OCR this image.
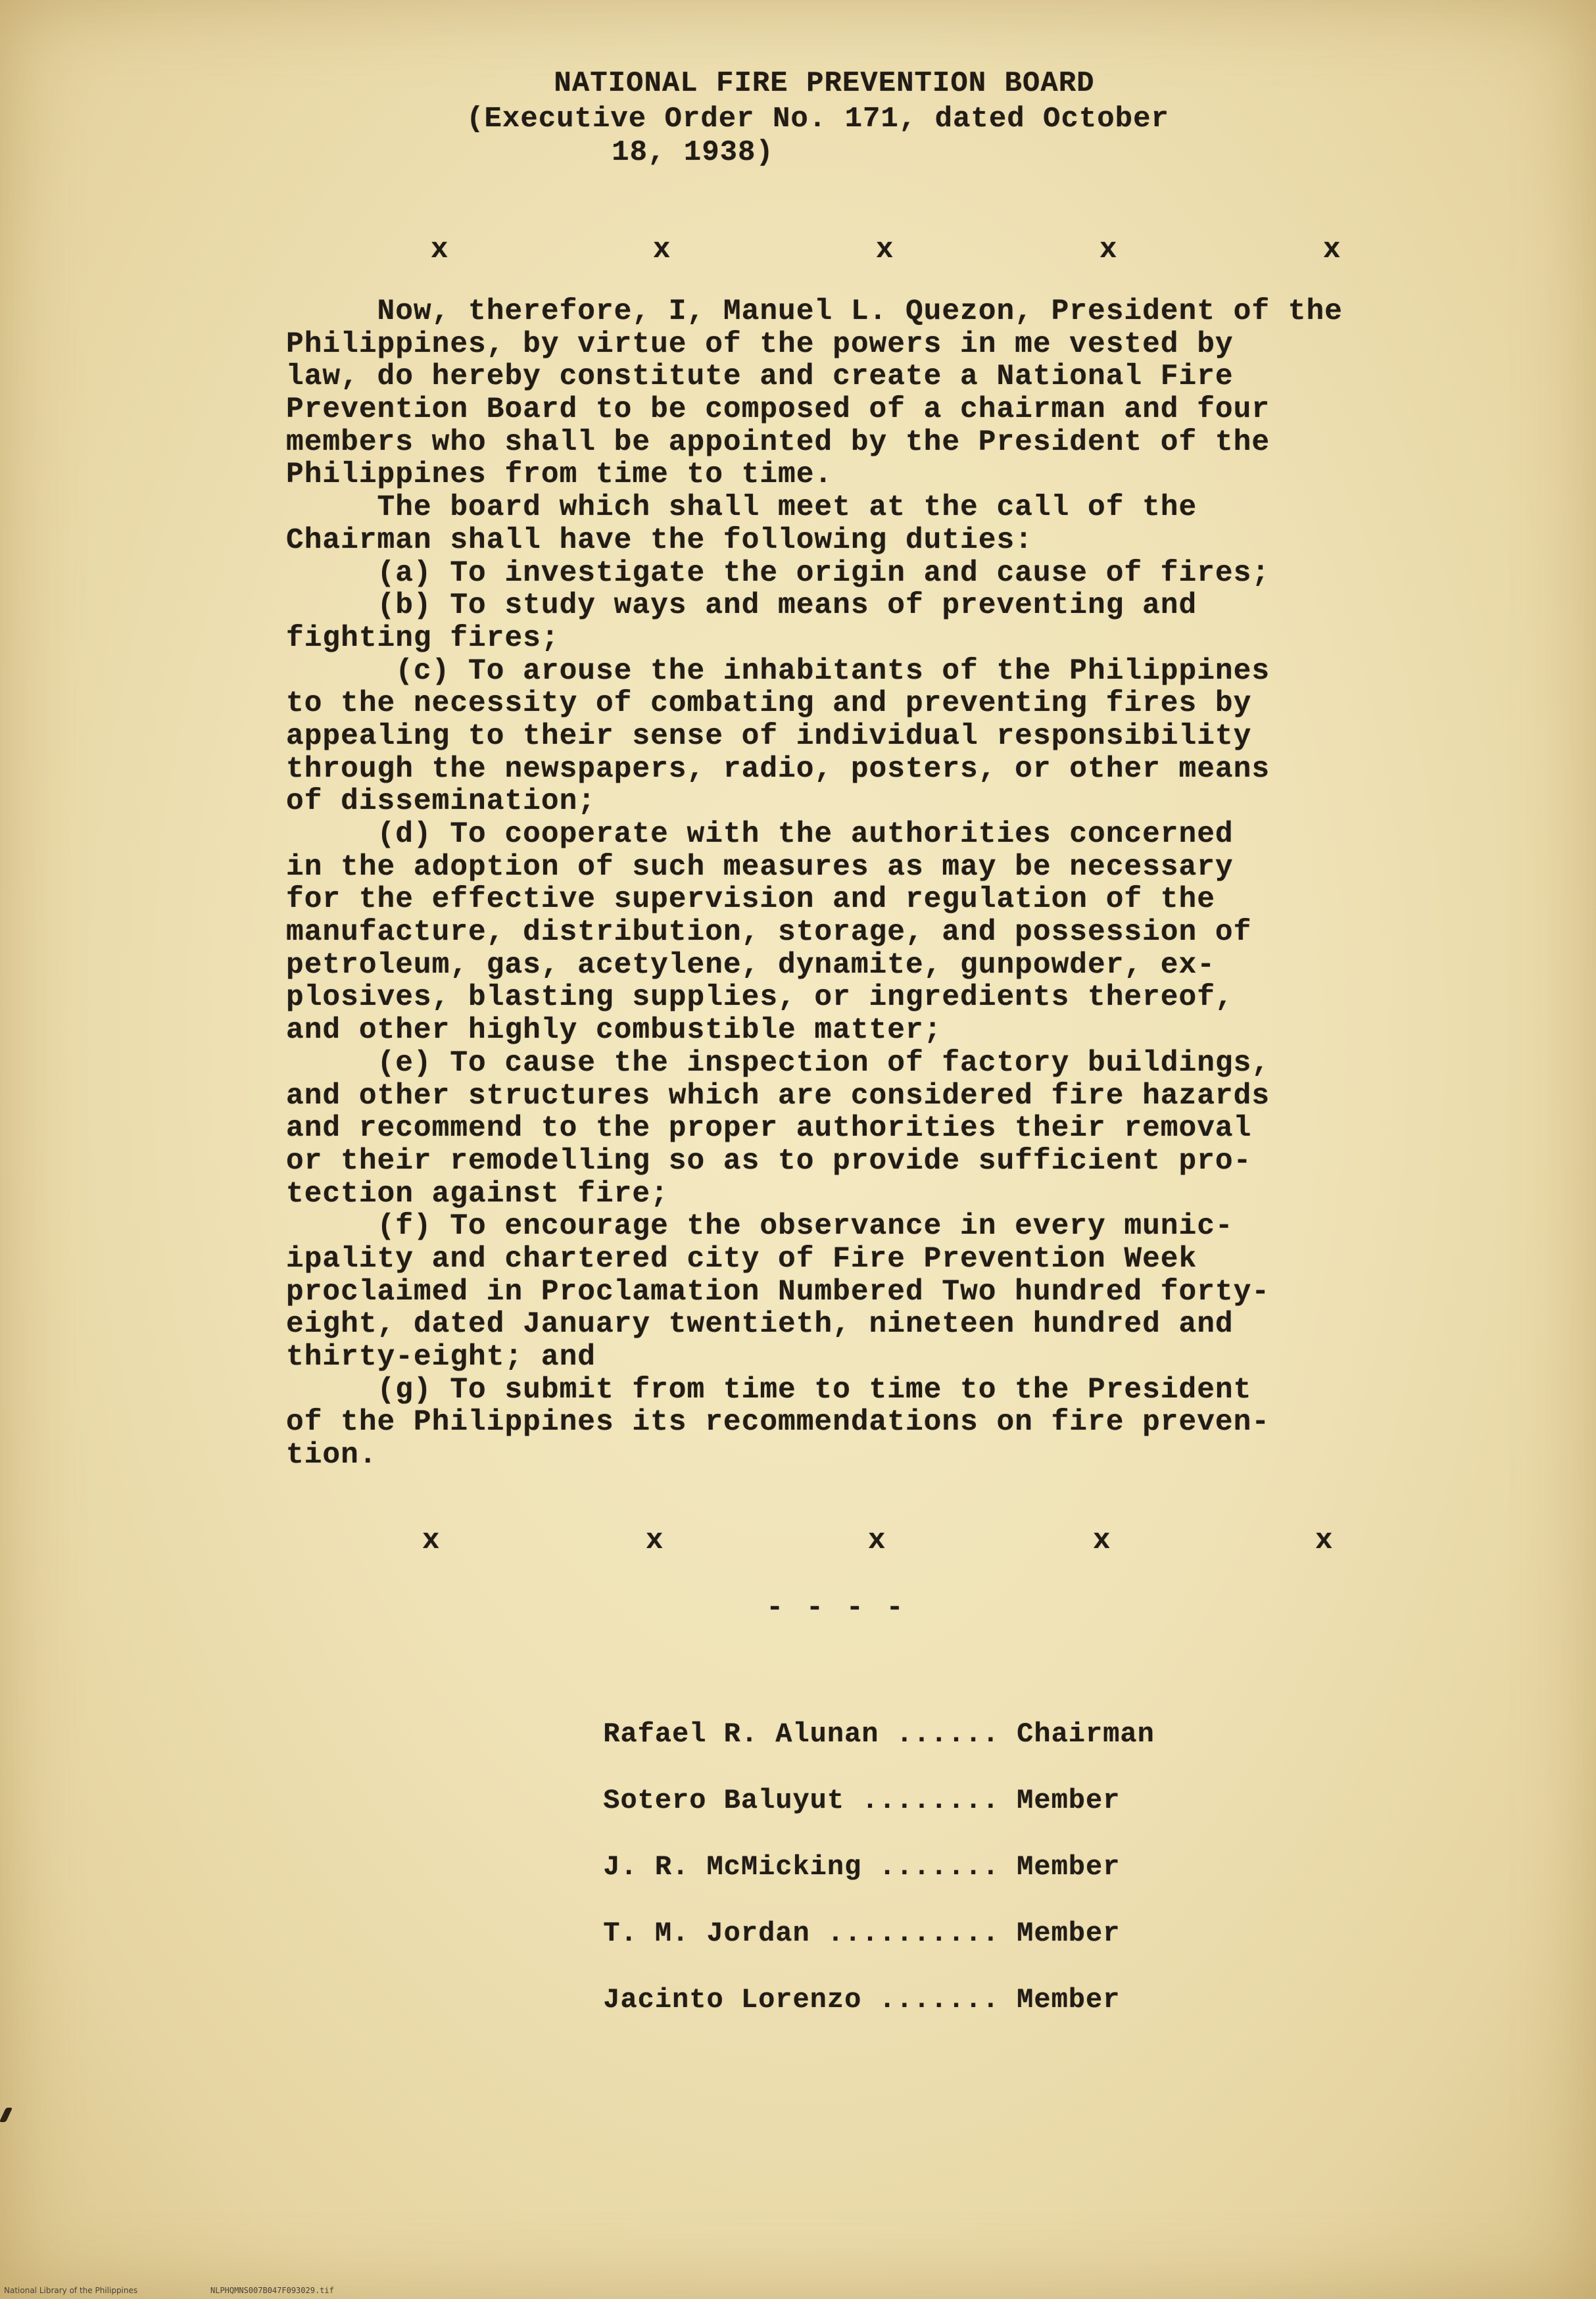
NATIONAL FIRE PREVENTION BOARD
(Executive Order No. 171, dated October
18, 1938)
x	x	x	x	x
Now, therefore, I, Manuel L. Quezon, President of the
Philippines, by virtue of the powers in me vested by
law, do hereby constitute and create a National Fire
Prevention Board to be composed of a chairman and four
members who shall be appointed by the President of the
Philippines from time to time.
The board which shall meet at the call of the
Chairman shall have the following duties:
(a) To investigate the origin and cause of fires;
(b) To study ways and means of preventing and
fighting fires;
(c) To arouse the inhabitants of the Philippines
to the necessity of combating and preventing fires by
appealing to their sense of individual responsibility
through the newspapers, radio, posters, or other means
of dissemination;
(d) To cooperate with the authorities concerned
in the adoption of such measures as may be necessary
for the effective supervision and regulation of the
manufacture, distribution, storage, and possession of
petroleum, gas, acetylene, dynamite, gunpowder, ex-
plosives, blasting supplies, or ingredients thereof,
and other highly combustible matter;
(e) To cause the inspection of factory buildings,
and other structures which are considered fire hazards
and recommend to the proper authorities their removal
or their remodelling so as to provide sufficient pro-
tection against fire;
(f) To encourage the observance in every munic-
ipality and chartered city of Fire Prevention Week
proclaimed in Proclamation Numbered Two hundred forty-
eight, dated January twentieth, nineteen hundred and
thirty-eight; and
(g) To submit from time to time to the President
of the Philippines its recommendations on fire preven-
tion.
x	x	x	x	x
- - - -

Rafael R. Alunan ...... Chairman

Sotero Baluyut ........ Member

J. R. McMicking ....... Member

T. M. Jordan .......... Member

Jacinto Lorenzo ....... Member

National Library of the Philippines	NLPHQMNS007B047F093029.tif
